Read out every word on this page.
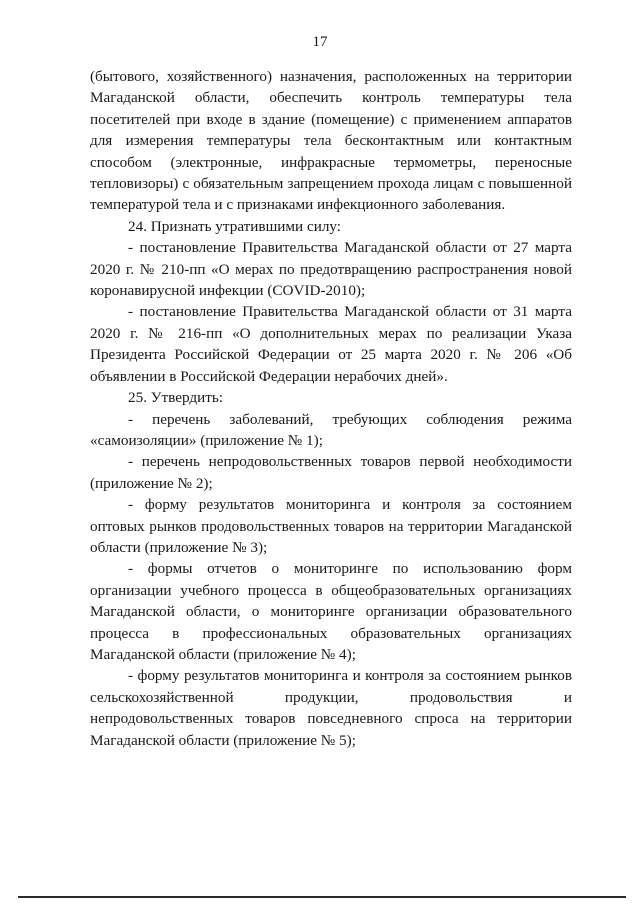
17

(бытового, хозяйственного) назначения, расположенных на территории Магаданской области, обеспечить контроль температуры тела посетителей при входе в здание (помещение) с применением аппаратов для измерения температуры тела бесконтактным или контактным способом (электронные, инфракрасные термометры, переносные тепловизоры) с обязательным запрещением прохода лицам с повышенной температурой тела и с признаками инфекционного заболевания.

24. Признать утратившими силу:

- постановление Правительства Магаданской области от 27 марта 2020 г. № 210-пп «О мерах по предотвращению распространения новой коронавирусной инфекции (COVID-2010);

- постановление Правительства Магаданской области от 31 марта 2020 г. № 216-пп «О дополнительных мерах по реализации Указа Президента Российской Федерации от 25 марта 2020 г. № 206 «Об объявлении в Российской Федерации нерабочих дней».

25. Утвердить:

- перечень заболеваний, требующих соблюдения режима «самоизоляции» (приложение № 1);

- перечень непродовольственных товаров первой необходимости (приложение № 2);

- форму результатов мониторинга и контроля за состоянием оптовых рынков продовольственных товаров на территории Магаданской области (приложение № 3);

- формы отчетов о мониторинге по использованию форм организации учебного процесса в общеобразовательных организациях Магаданской области, о мониторинге организации образовательного процесса в профессиональных образовательных организациях Магаданской области (приложение № 4);

- форму результатов мониторинга и контроля за состоянием рынков сельскохозяйственной продукции, продовольствия и непродовольственных товаров повседневного спроса на территории Магаданской области (приложение № 5);
